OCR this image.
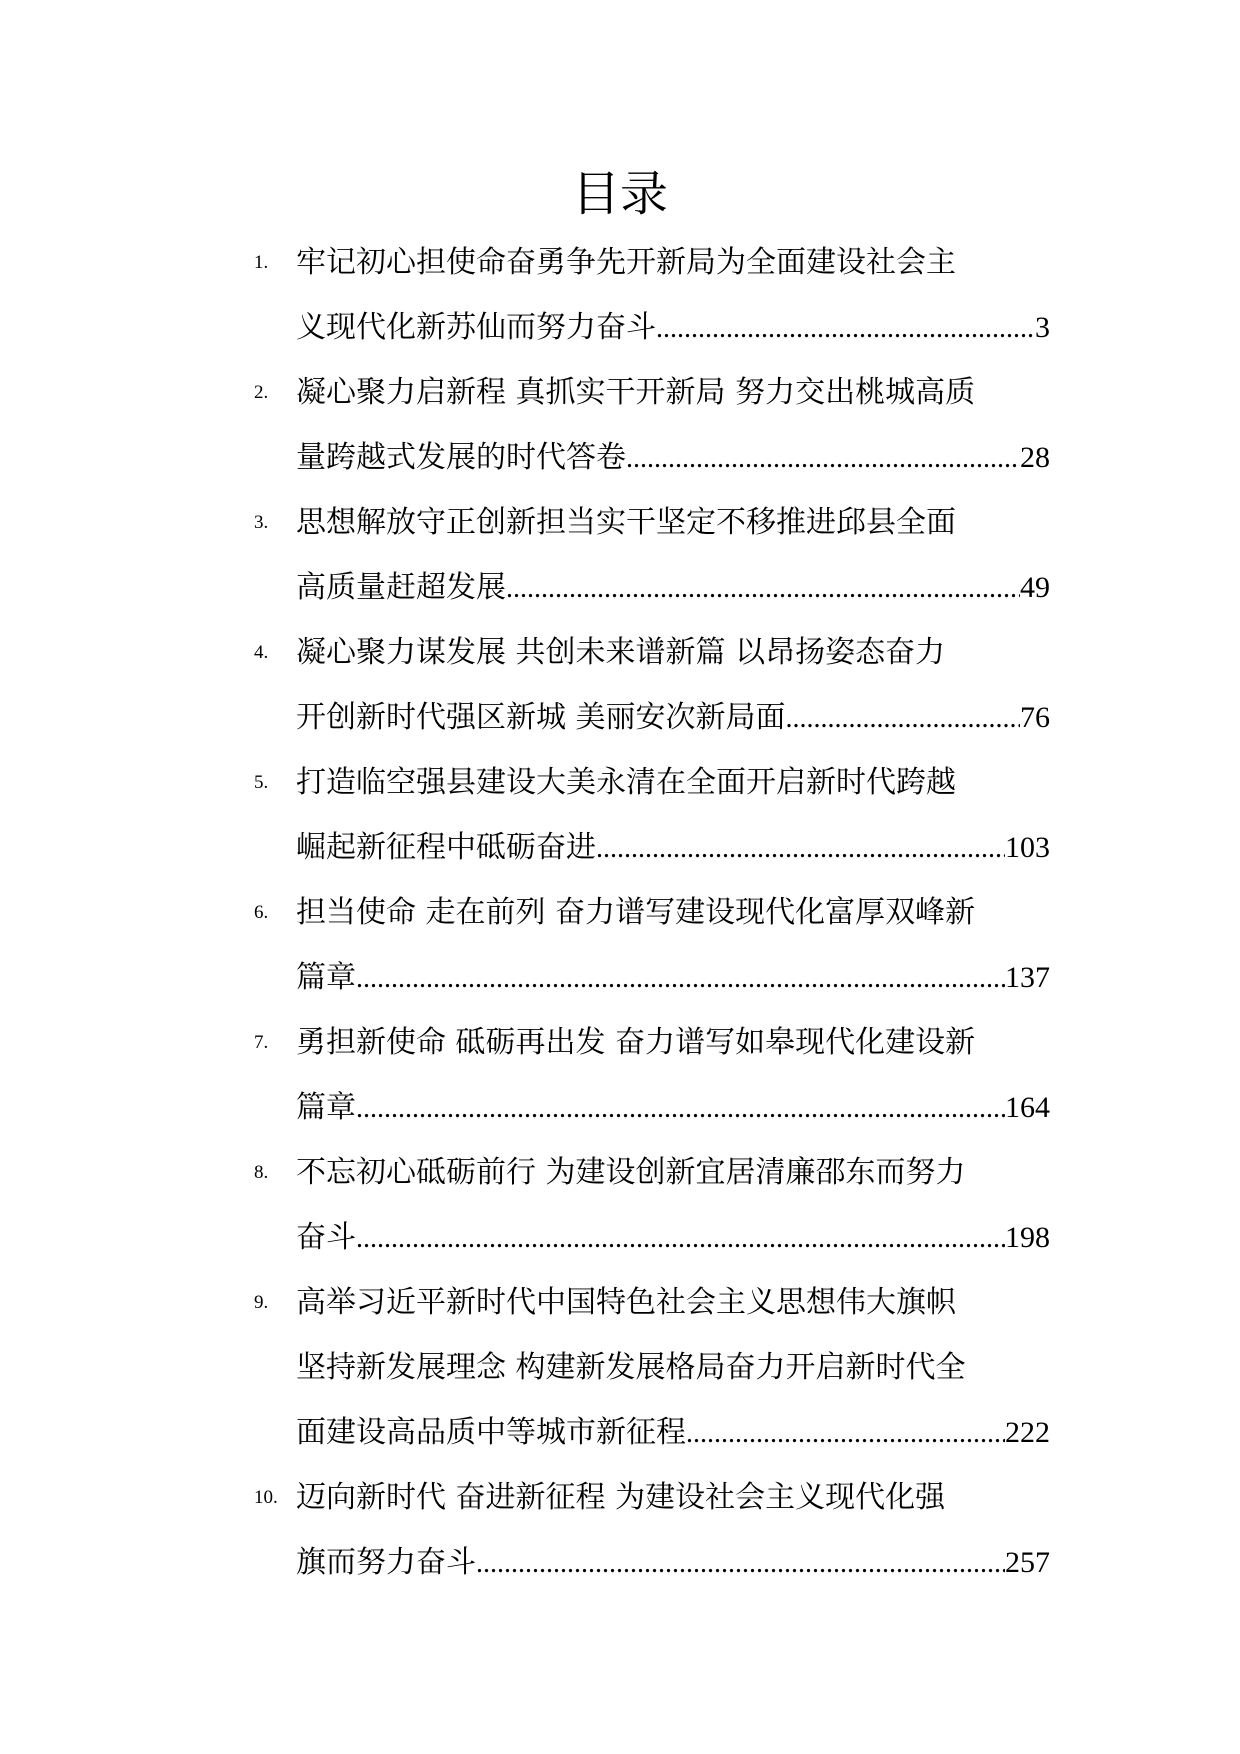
目录
1. 牢记初心担使命奋勇争先开新局为全面建设社会主
义现代化新苏仙而努力奋斗 .....	3
2. 凝心聚力启新程 真抓实干开新局 努力交出桃城高质
量跨越式发展的时代答卷 .....	28
3. 思想解放守正创新担当实干坚定不移推进邱县全面
高质量赶超发展 .....	49
4. 凝心聚力谋发展 共创未来谱新篇 以昂扬姿态奋力
开创新时代强区新城 美丽安次新局面 .....	76
5. 打造临空强县建设大美永清在全面开启新时代跨越
崛起新征程中砥砺奋进 .....	103
6. 担当使命 走在前列 奋力谱写建设现代化富厚双峰新
篇章 .....	137
7. 勇担新使命 砥砺再出发 奋力谱写如皋现代化建设新
篇章 .....	164
8. 不忘初心砥砺前行 为建设创新宜居清廉邵东而努力
奋斗 .....	198
9. 高举习近平新时代中国特色社会主义思想伟大旗帜
坚持新发展理念 构建新发展格局奋力开启新时代全
面建设高品质中等城市新征程 .....	222
10. 迈向新时代 奋进新征程 为建设社会主义现代化强
旗而努力奋斗 .....	257
